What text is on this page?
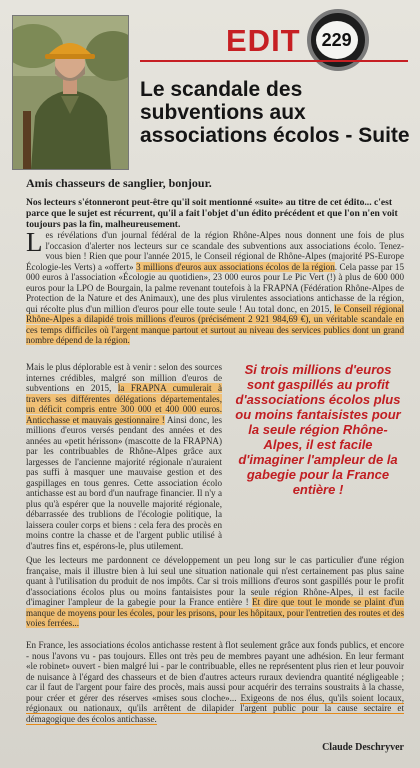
EDIT	229
Le scandale des subventions aux associations écolos - Suite
Amis chasseurs de sanglier, bonjour.

Nos lecteurs s'étonneront peut-être qu'il soit mentionné «suite» au titre de cet édito... c'est parce que le sujet est récurrent, qu'il a fait l'objet d'un édito précédent et que l'on n'en voit toujours pas la fin, malheureusement.

Les révélations d'un journal fédéral de la région Rhône-Alpes nous donnent une fois de plus l'occasion d'alerter nos lecteurs sur ce scandale des subventions aux associations écolo. Tenez-vous bien ! Rien que pour l'année 2015, le Conseil régional de Rhône-Alpes (majorité PS-Europe Écologie-les Verts) a «offert» 3 millions d'euros aux associations écolos de la région. Cela passe par 15 000 euros à l'association «Écologie au quotidien», 23 000 euros pour Le Pic Vert (!) à plus de 600 000 euros pour la LPO de Bourgain, la palme revenant toutefois à la FRAPNA (Fédération Rhône-Alpes de Protection de la Nature et des Animaux), une des plus virulentes associations antichasse de la région, qui récolte plus d'un million d'euros pour elle toute seule ! Au total donc, en 2015, le Conseil régional Rhône-Alpes a dilapidé trois millions d'euros (précisément 2 921 984,69 €), un véritable scandale en ces temps difficiles où l'argent manque partout et surtout au niveau des services publics dont un grand nombre dépend de la région.

Mais le plus déplorable est à venir : selon des sources internes crédibles, malgré son million d'euros de subventions en 2015, la FRAPNA cumulerait à travers ses différentes délégations départementales, un déficit compris entre 300 000 et 400 000 euros. Anticchasse et mauvais gestionnaire ! Ainsi donc, les millions d'euros versés pendant des années et des années au «petit hérisson» (mascotte de la FRAPNA) par les contribuables de Rhône-Alpes grâce aux largesses de l'ancienne majorité régionale n'auraient pas suffi à masquer une mauvaise gestion et des gaspillages en tous genres. Cette association écolo antichasse est au bord d'un naufrage financier. Il n'y a plus qu'à espérer que la nouvelle majorité régionale, débarrassée des trublions de l'écologie politique, la laissera couler corps et biens : cela fera des procès en moins contre la chasse et de l'argent public utilisé à d'autres fins et, espérons-le, plus utilement.

Si trois millions d'euros sont gaspillés au profit d'associations écolos plus ou moins fantaisistes pour la seule région Rhône-Alpes, il est facile d'imaginer l'ampleur de la gabegie pour la France entière !

Que les lecteurs me pardonnent ce développement un peu long sur le cas particulier d'une région française, mais il illustre bien à lui seul une situation nationale qui n'est certainement pas plus saine quant à l'utilisation du produit de nos impôts. Car si trois millions d'euros sont gaspillés pour le profit d'associations écolos plus ou moins fantaisistes pour la seule région Rhône-Alpes, il est facile d'imaginer l'ampleur de la gabegie pour la France entière ! Et dire que tout le monde se plaint d'un manque de moyens pour les écoles, pour les prisons, pour les hôpitaux, pour l'entretien des routes et des voies ferrées...

En France, les associations écolos antichasse restent à flot seulement grâce aux fonds publics, et encore - nous l'avons vu - pas toujours. Elles ont très peu de membres payant une adhésion. En leur fermant «le robinet» ouvert - bien malgré lui - par le contribuable, elles ne représentent plus rien et leur pouvoir de nuisance à l'égard des chasseurs et de bien d'autres acteurs ruraux deviendra quantité négligeable ; car il faut de l'argent pour faire des procès, mais aussi pour acquérir des terrains soustraits à la chasse, pour créer et gérer des réserves «mises sous cloche»... Exigeons de nos élus, qu'ils soient locaux, régionaux ou nationaux, qu'ils arrêtent de dilapider l'argent public pour la cause sectaire et démagogique des écolos antichasse.

Claude Deschryver
